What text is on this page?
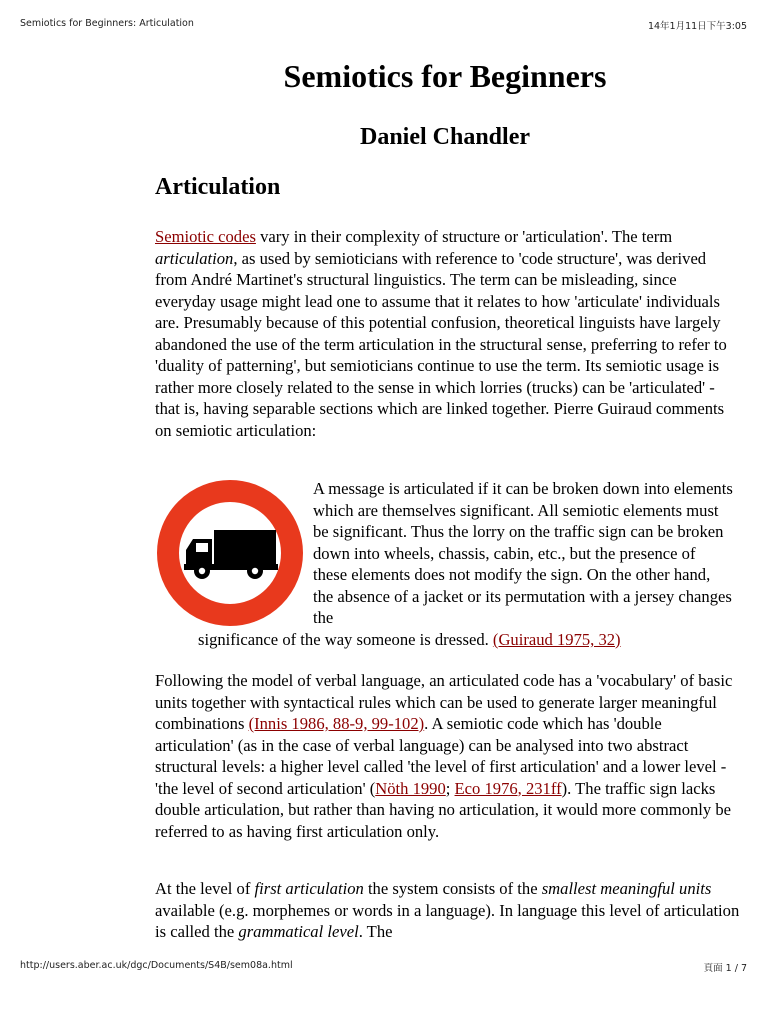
Semiotics for Beginners: Articulation	14年1月11日下午3:05
Semiotics for Beginners
Daniel Chandler
Articulation

Semiotic codes vary in their complexity of structure or 'articulation'. The term articulation, as used by semioticians with reference to 'code structure', was derived from André Martinet's structural linguistics. The term can be misleading, since everyday usage might lead one to assume that it relates to how 'articulate' individuals are. Presumably because of this potential confusion, theoretical linguists have largely abandoned the use of the term articulation in the structural sense, preferring to refer to 'duality of patterning', but semioticians continue to use the term. Its semiotic usage is rather more closely related to the sense in which lorries (trucks) can be 'articulated' - that is, having separable sections which are linked together. Pierre Guiraud comments on semiotic articulation:

A message is articulated if it can be broken down into elements which are themselves significant. All semiotic elements must be significant. Thus the lorry on the traffic sign can be broken down into wheels, chassis, cabin, etc., but the presence of these elements does not modify the sign. On the other hand, the absence of a jacket or its permutation with a jersey changes the

significance of the way someone is dressed. (Guiraud 1975, 32)

Following the model of verbal language, an articulated code has a 'vocabulary' of basic units together with syntactical rules which can be used to generate larger meaningful combinations (Innis 1986, 88-9, 99-102). A semiotic code which has 'double articulation' (as in the case of verbal language) can be analysed into two abstract structural levels: a higher level called 'the level of first articulation' and a lower level - 'the level of second articulation' (Nöth 1990; Eco 1976, 231ff). The traffic sign lacks double articulation, but rather than having no articulation, it would more commonly be referred to as having first articulation only.

At the level of first articulation the system consists of the smallest meaningful units available (e.g. morphemes or words in a language). In language this level of articulation is called the grammatical level. The

http://users.aber.ac.uk/dgc/Documents/S4B/sem08a.html	頁面 1 / 7
